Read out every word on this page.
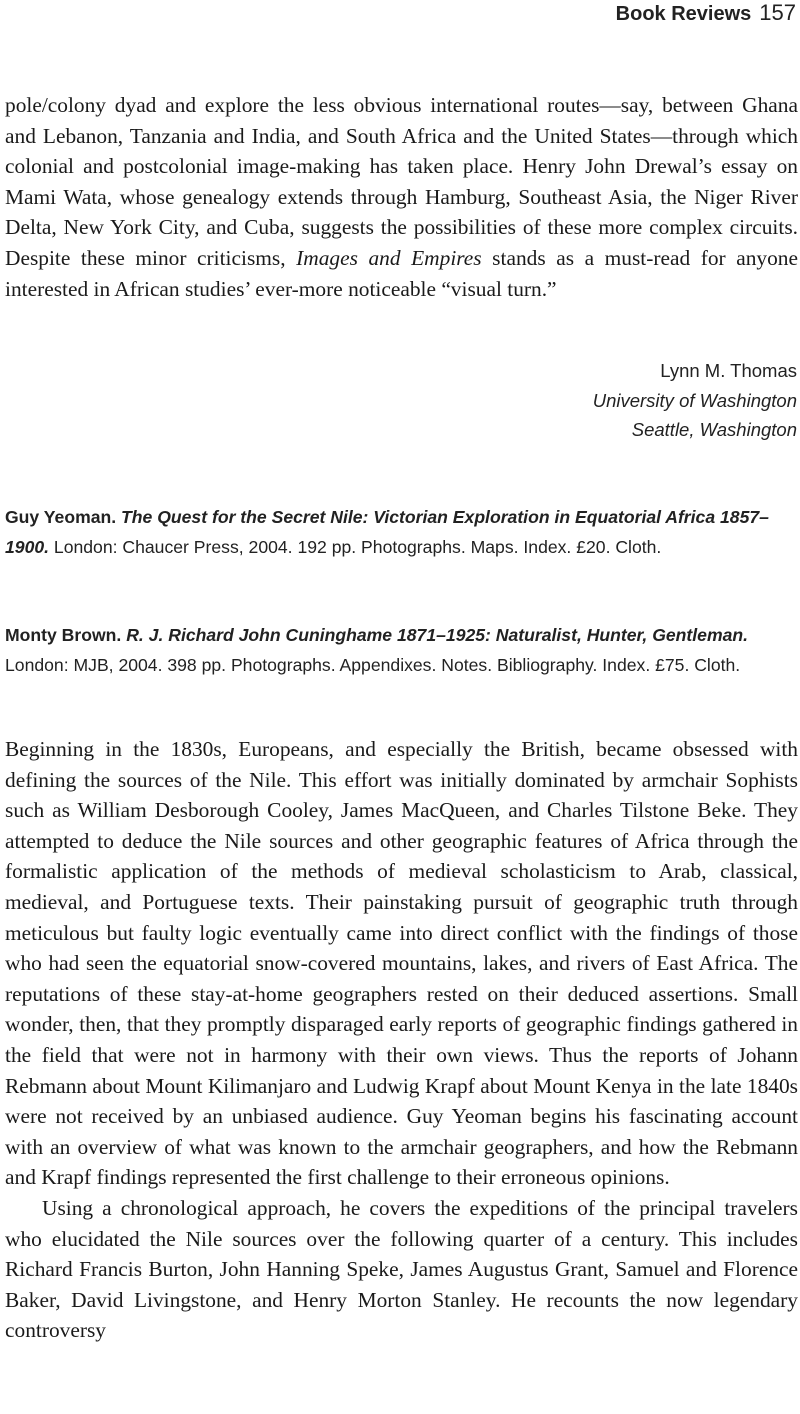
Book Reviews 157

pole/colony dyad and explore the less obvious international routes—say, between Ghana and Lebanon, Tanzania and India, and South Africa and the United States—through which colonial and postcolonial image-making has taken place. Henry John Drewal’s essay on Mami Wata, whose genealogy extends through Hamburg, Southeast Asia, the Niger River Delta, New York City, and Cuba, suggests the possibilities of these more complex circuits. Despite these minor criticisms, Images and Empires stands as a must-read for anyone interested in African studies’ ever-more noticeable “visual turn.”

Lynn M. Thomas
University of Washington
Seattle, Washington

Guy Yeoman. The Quest for the Secret Nile: Victorian Exploration in Equatorial Africa 1857–1900. London: Chaucer Press, 2004. 192 pp. Photographs. Maps. Index. £20. Cloth.

Monty Brown. R. J. Richard John Cuninghame 1871–1925: Naturalist, Hunter, Gentleman. London: MJB, 2004. 398 pp. Photographs. Appendixes. Notes. Bibliography. Index. £75. Cloth.

Beginning in the 1830s, Europeans, and especially the British, became obsessed with defining the sources of the Nile. This effort was initially dominated by armchair Sophists such as William Desborough Cooley, James MacQueen, and Charles Tilstone Beke. They attempted to deduce the Nile sources and other geographic features of Africa through the formalistic application of the methods of medieval scholasticism to Arab, classical, medieval, and Portuguese texts. Their painstaking pursuit of geographic truth through meticulous but faulty logic eventually came into direct conflict with the findings of those who had seen the equatorial snow-covered mountains, lakes, and rivers of East Africa. The reputations of these stay-at-home geographers rested on their deduced assertions. Small wonder, then, that they promptly disparaged early reports of geographic findings gathered in the field that were not in harmony with their own views. Thus the reports of Johann Rebmann about Mount Kilimanjaro and Ludwig Krapf about Mount Kenya in the late 1840s were not received by an unbiased audience. Guy Yeoman begins his fascinating account with an overview of what was known to the armchair geographers, and how the Rebmann and Krapf findings represented the first challenge to their erroneous opinions.

Using a chronological approach, he covers the expeditions of the principal travelers who elucidated the Nile sources over the following quarter of a century. This includes Richard Francis Burton, John Hanning Speke, James Augustus Grant, Samuel and Florence Baker, David Livingstone, and Henry Morton Stanley. He recounts the now legendary controversy
